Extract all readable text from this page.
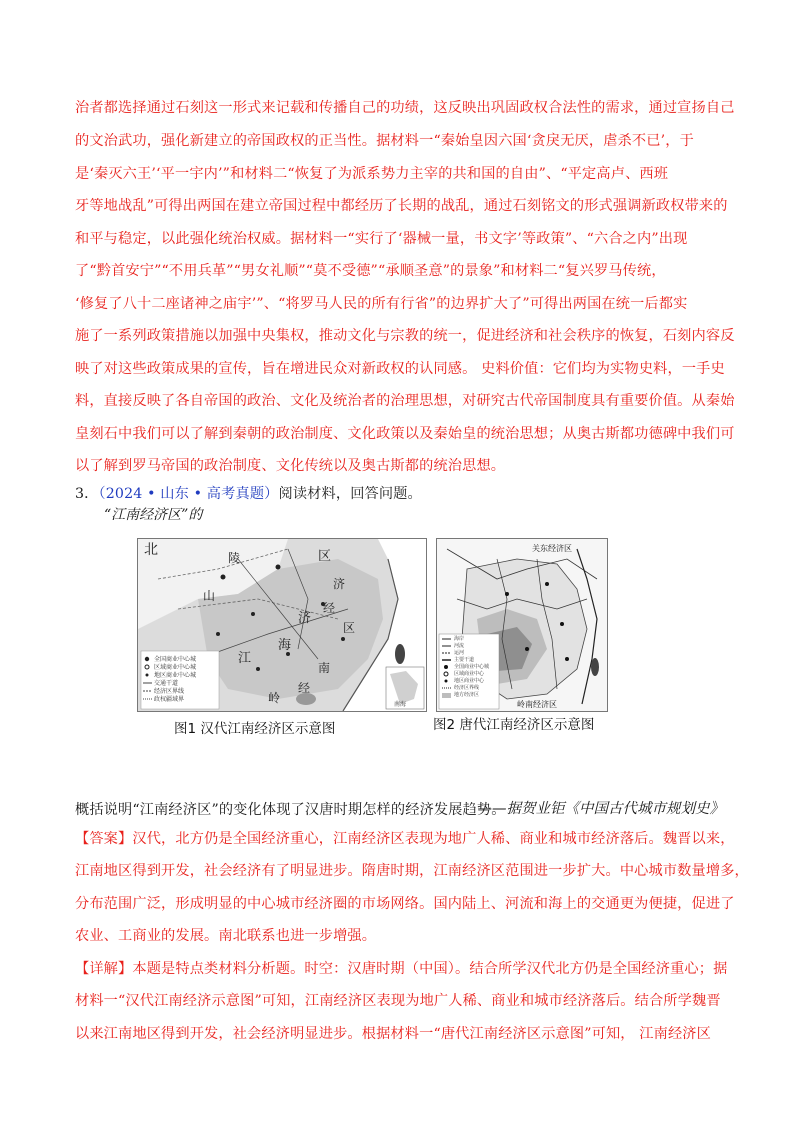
治者都选择通过石刻这一形式来记载和传播自己的功绩，这反映出巩固政权合法性的需求，通过宣扬自己
的文治武功，强化新建立的帝国政权的正当性。据材料一“秦始皇因六国‘贪戾无厌，虐杀不已’，于
是‘秦灭六王’‘平一宇内’”和材料二“恢复了为派系势力主宰的共和国的自由”、“平定高卢、西班
牙等地战乱”可得出两国在建立帝国过程中都经历了长期的战乱，通过石刻铭文的形式强调新政权带来的
和平与稳定，以此强化统治权威。据材料一“实行了‘器械一量，书文字’等政策”、“六合之内”出现
了“黔首安宁”“不用兵革”“男女礼顺”“莫不受德”“承顺圣意”的景象”和材料二“复兴罗马传统，
‘修复了八十二座诸神之庙宇’”、“将罗马人民的所有行省”的边界扩大了”可得出两国在统一后都实
施了一系列政策措施以加强中央集权，推动文化与宗教的统一，促进经济和社会秩序的恢复，石刻内容反
映了对这些政策成果的宣传，旨在增进民众对新政权的认同感。 史料价值：它们均为实物史料，一手史
料，直接反映了各自帝国的政治、文化及统治者的治理思想，对研究古代帝国制度具有重要价值。从秦始
皇刻石中我们可以了解到秦朝的政治制度、文化政策以及秦始皇的统治思想；从奥古斯都功德碑中我们可
以了解到罗马帝国的政治制度、文化传统以及奥古斯都的统治思想。
3．（2024 • 山东 • 高考真题）阅读材料，回答问题。
“江南经济区”的
北	区
陵
山
济
经
区
江
济
海
南
经
岭
全国商业中心城
区域商业中心城
地区商业中心城
交通干道
经济区界线
政权疆域界
南海
关东经济区
岭南经济区
海岸
河流
运河
主要干道
全国商业中心城
区域商业中心
地区商业中心
经济区界线
地方经济区
图1 汉代江南经济区示意图	图2 唐代江南经济区示意图
——据贺业钜《中国古代城市规划史》
概括说明“江南经济区”的变化体现了汉唐时期怎样的经济发展趋势。
【答案】汉代，北方仍是全国经济重心，江南经济区表现为地广人稀、商业和城市经济落后。魏晋以来，
江南地区得到开发，社会经济有了明显进步。隋唐时期，江南经济区范围进一步扩大。中心城市数量增多，
分布范围广泛，形成明显的中心城市经济圈的市场网络。国内陆上、河流和海上的交通更为便捷，促进了
农业、工商业的发展。南北联系也进一步增强。
【详解】本题是特点类材料分析题。时空：汉唐时期（中国）。结合所学汉代北方仍是全国经济重心；据
材料一“汉代江南经济示意图”可知，江南经济区表现为地广人稀、商业和城市经济落后。结合所学魏晋
以来江南地区得到开发，社会经济明显进步。根据材料一“唐代江南经济区示意图”可知， 江南经济区
